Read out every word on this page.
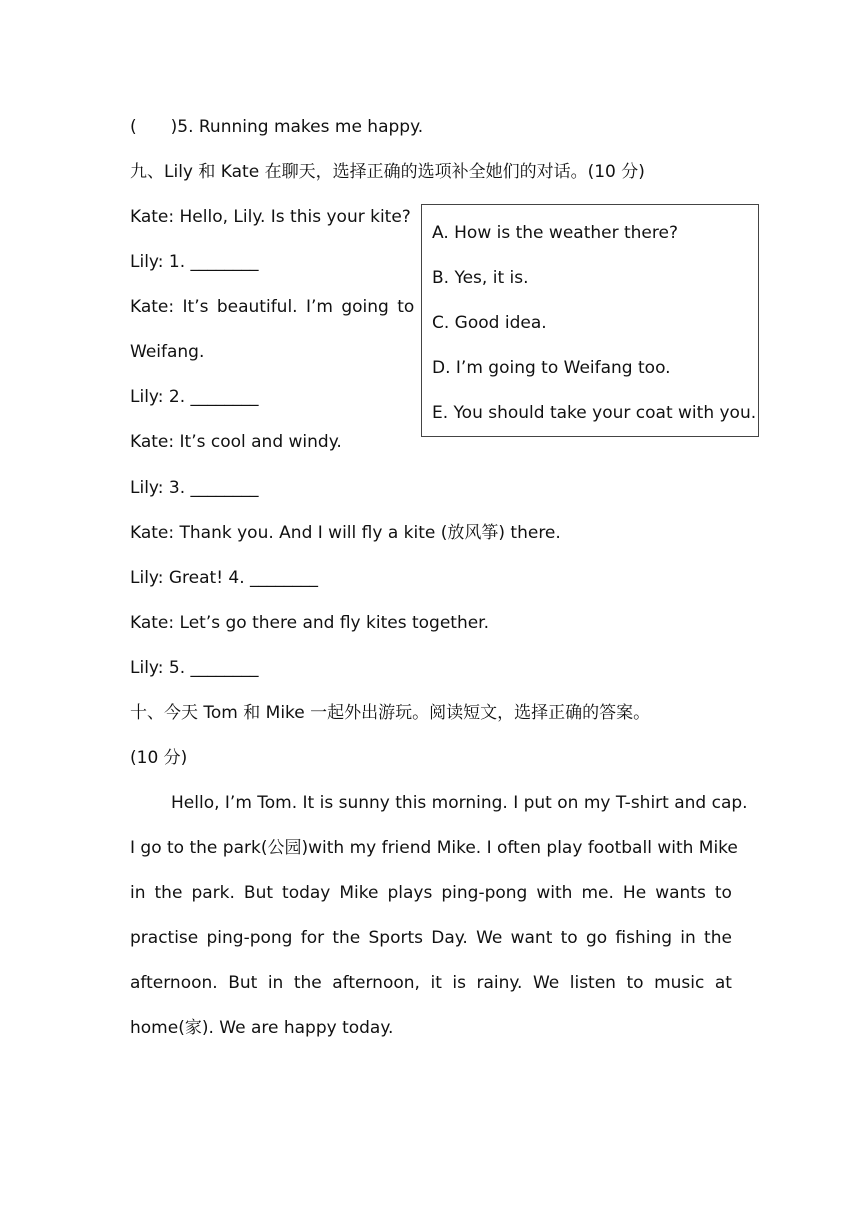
(　　)5. Running makes me happy.
九、Lily 和 Kate 在聊天，选择正确的选项补全她们的对话。(10 分)
Kate: Hello, Lily. Is this your kite?
Lily: 1. ________
Kate: It’s beautiful. I’m going to
Weifang.
Lily: 2. ________
Kate: It’s cool and windy.
Lily: 3. ________
Kate: Thank you. And I will fly a kite (放风筝) there.
Lily: Great! 4. ________
Kate: Let’s go there and fly kites together.
Lily: 5. ________
A. How is the weather there?
B. Yes, it is.
C. Good idea.
D. I’m going to Weifang too.
E. You should take your coat with you.
十、今天 Tom 和 Mike 一起外出游玩。阅读短文，选择正确的答案。
(10 分)
Hello, I’m Tom. It is sunny this morning. I put on my T-shirt and cap.
I go to the park(公园)with my friend Mike. I often play football with Mike
in the park. But today Mike plays ping-pong with me. He wants to
practise ping-pong for the Sports Day. We want to go fishing in the
afternoon. But in the afternoon, it is rainy. We listen to music at
home(家). We are happy today.
